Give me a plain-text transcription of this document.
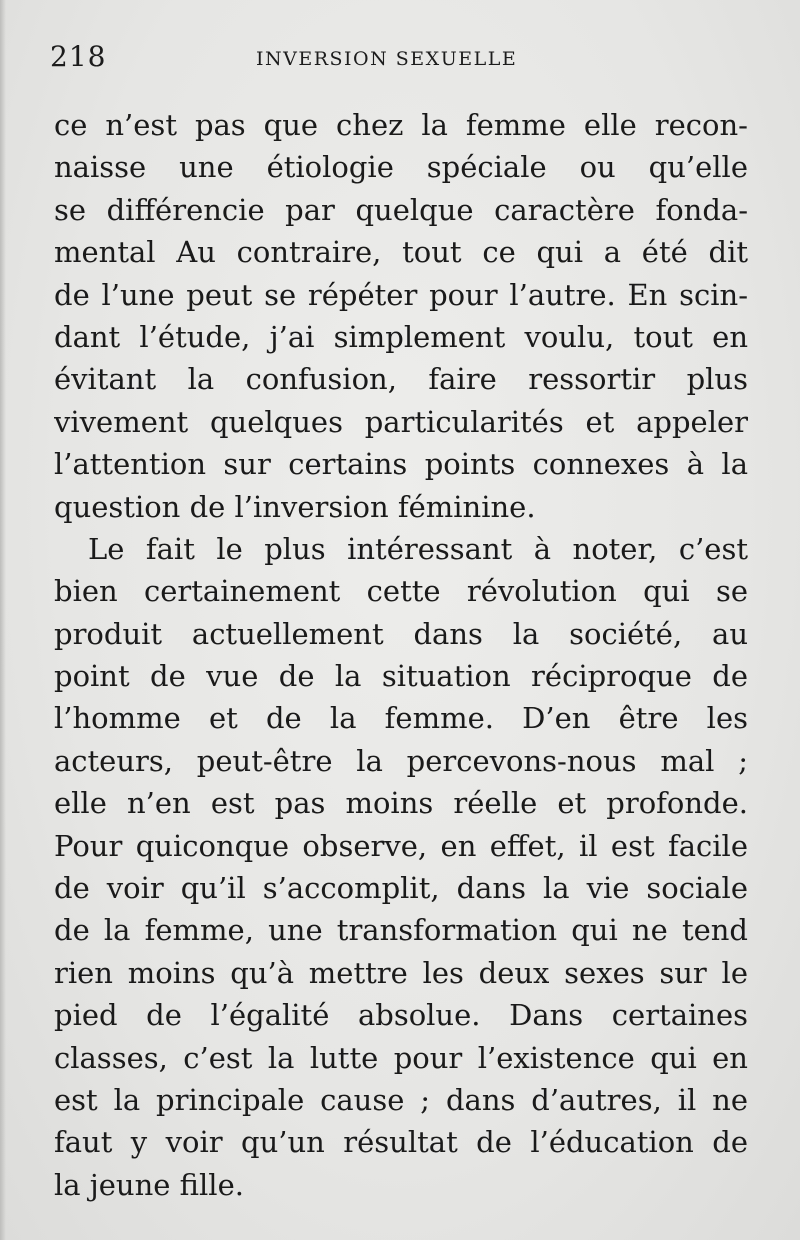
218	INVERSION SEXUELLE
ce n’est pas que chez la femme elle recon-
naisse une étiologie spéciale ou qu’elle
se différencie par quelque caractère fonda-
mental Au contraire, tout ce qui a été dit
de l’une peut se répéter pour l’autre. En scin-
dant l’étude, j’ai simplement voulu, tout en
évitant la confusion, faire ressortir plus
vivement quelques particularités et appeler
l’attention sur certains points connexes à la
question de l’inversion féminine.
Le fait le plus intéressant à noter, c’est
bien certainement cette révolution qui se
produit actuellement dans la société, au
point de vue de la situation réciproque de
l’homme et de la femme. D’en être les
acteurs, peut-être la percevons-nous mal ;
elle n’en est pas moins réelle et profonde.
Pour quiconque observe, en effet, il est facile
de voir qu’il s’accomplit, dans la vie sociale
de la femme, une transformation qui ne tend
rien moins qu’à mettre les deux sexes sur le
pied de l’égalité absolue. Dans certaines
classes, c’est la lutte pour l’existence qui en
est la principale cause ; dans d’autres, il ne
faut y voir qu’un résultat de l’éducation de
la jeune fille.
